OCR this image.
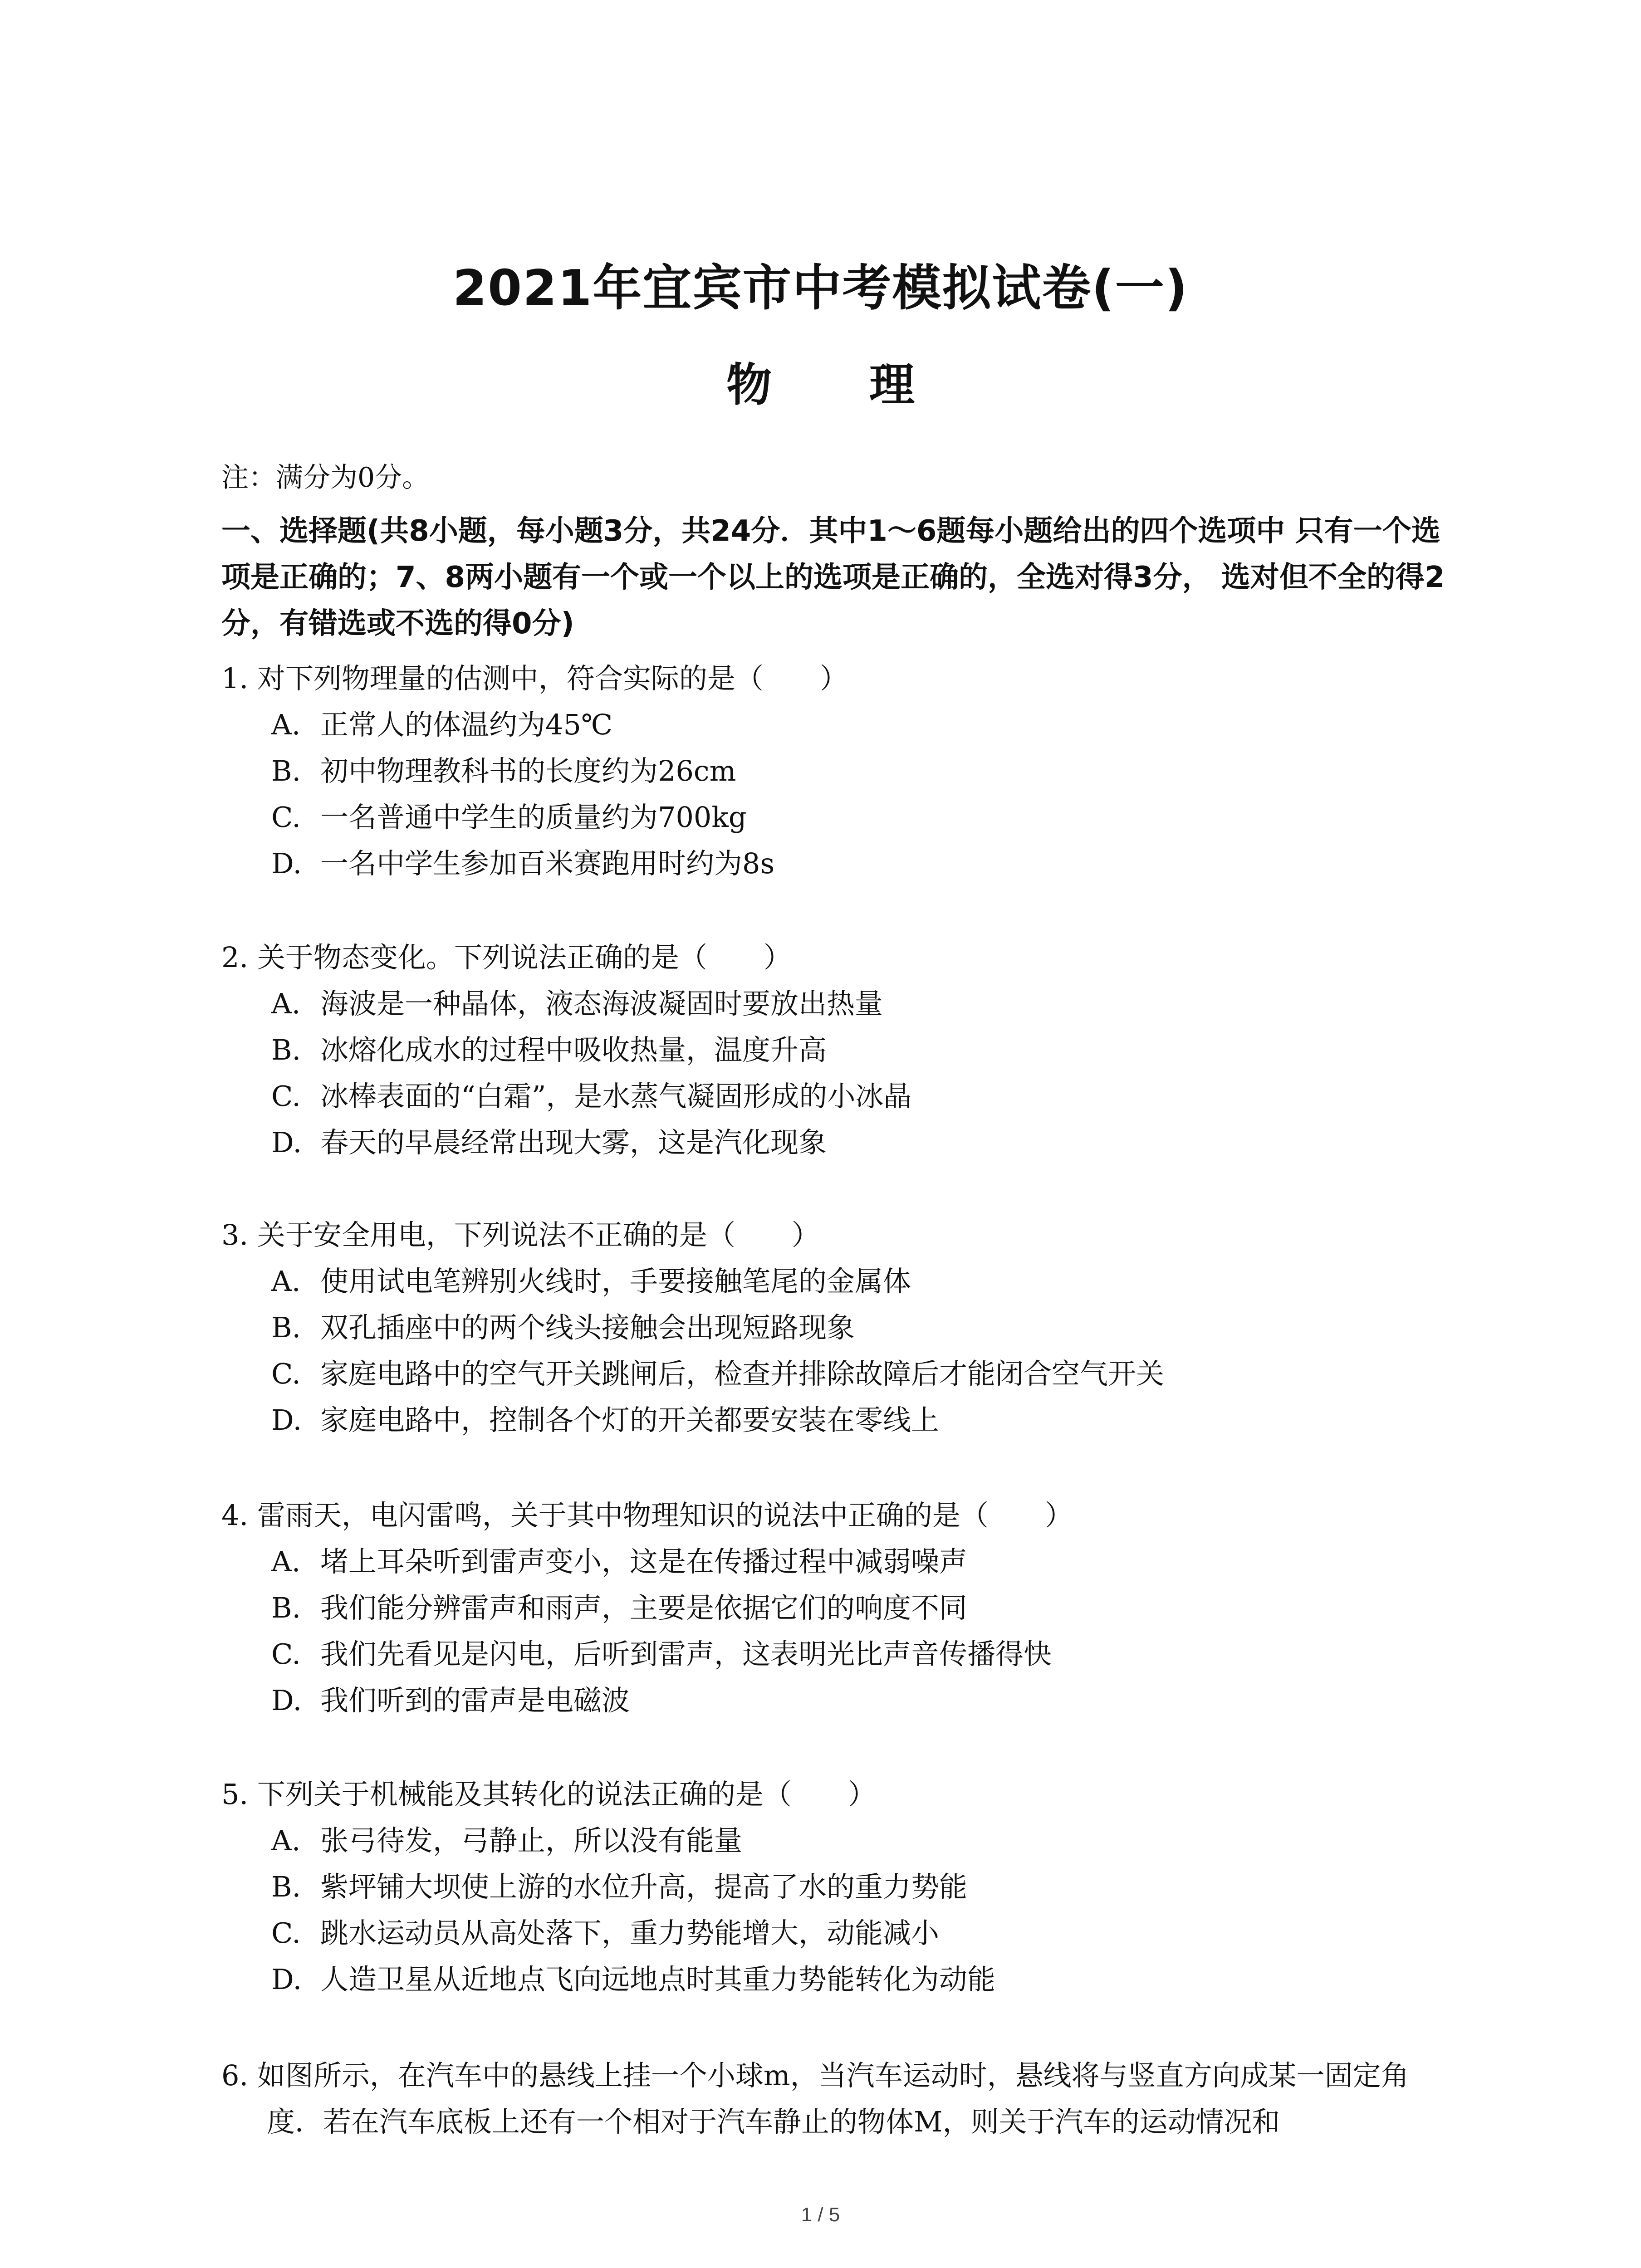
2021年宜宾市中考模拟试卷(一)
物 理
注：满分为0分。
一、选择题(共8小题，每小题3分，共24分．其中1～6题每小题给出的四个选项中 只有一个选项是正确的；7、8两小题有一个或一个以上的选项是正确的，全选对得3分， 选对但不全的得2分，有错选或不选的得0分)
1. 对下列物理量的估测中，符合实际的是（　　）
A. 正常人的体温约为45℃
B. 初中物理教科书的长度约为26cm
C. 一名普通中学生的质量约为700kg
D. 一名中学生参加百米赛跑用时约为8s
2. 关于物态变化。下列说法正确的是（　　）
A. 海波是一种晶体，液态海波凝固时要放出热量
B. 冰熔化成水的过程中吸收热量，温度升高
C. 冰棒表面的“白霜”，是水蒸气凝固形成的小冰晶
D. 春天的早晨经常出现大雾，这是汽化现象
3. 关于安全用电，下列说法不正确的是（　　）
A. 使用试电笔辨别火线时，手要接触笔尾的金属体
B. 双孔插座中的两个线头接触会出现短路现象
C. 家庭电路中的空气开关跳闸后，检查并排除故障后才能闭合空气开关
D. 家庭电路中，控制各个灯的开关都要安装在零线上
4. 雷雨天，电闪雷鸣，关于其中物理知识的说法中正确的是（　　）
A. 堵上耳朵听到雷声变小，这是在传播过程中减弱噪声
B. 我们能分辨雷声和雨声，主要是依据它们的响度不同
C. 我们先看见是闪电，后听到雷声，这表明光比声音传播得快
D. 我们听到的雷声是电磁波
5. 下列关于机械能及其转化的说法正确的是（　　）
A. 张弓待发，弓静止，所以没有能量
B. 紫坪铺大坝使上游的水位升高，提高了水的重力势能
C. 跳水运动员从高处落下，重力势能增大，动能减小
D. 人造卫星从近地点飞向远地点时其重力势能转化为动能
6. 如图所示，在汽车中的悬线上挂一个小球m，当汽车运动时，悬线将与竖直方向成某一固定角度．若在汽车底板上还有一个相对于汽车静止的物体M，则关于汽车的运动情况和
1 / 5
